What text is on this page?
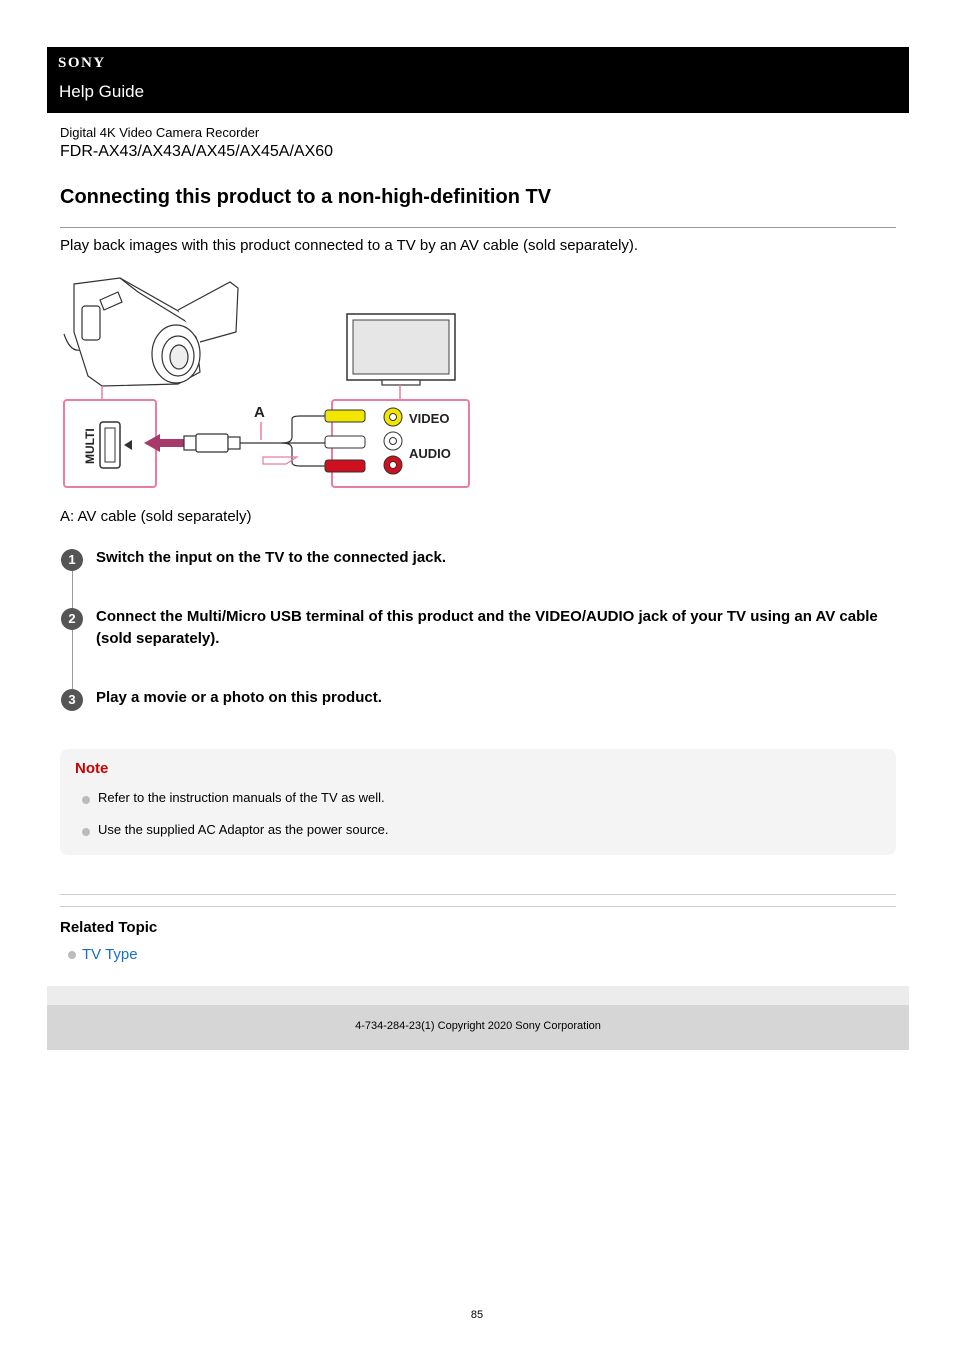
SONY
Help Guide
Digital 4K Video Camera Recorder
FDR-AX43/AX43A/AX45/AX45A/AX60
Connecting this product to a non-high-definition TV
Play back images with this product connected to a TV by an AV cable (sold separately).
MULTI
A	VIDEO
AUDIO
A: AV cable (sold separately)
1	Switch the input on the TV to the connected jack.
2	Connect the Multi/Micro USB terminal of this product and the VIDEO/AUDIO jack of your TV using an AV cable (sold separately).
3	Play a movie or a photo on this product.
Note
Refer to the instruction manuals of the TV as well.
Use the supplied AC Adaptor as the power source.
Related Topic
TV Type
4-734-284-23(1) Copyright 2020 Sony Corporation
85
